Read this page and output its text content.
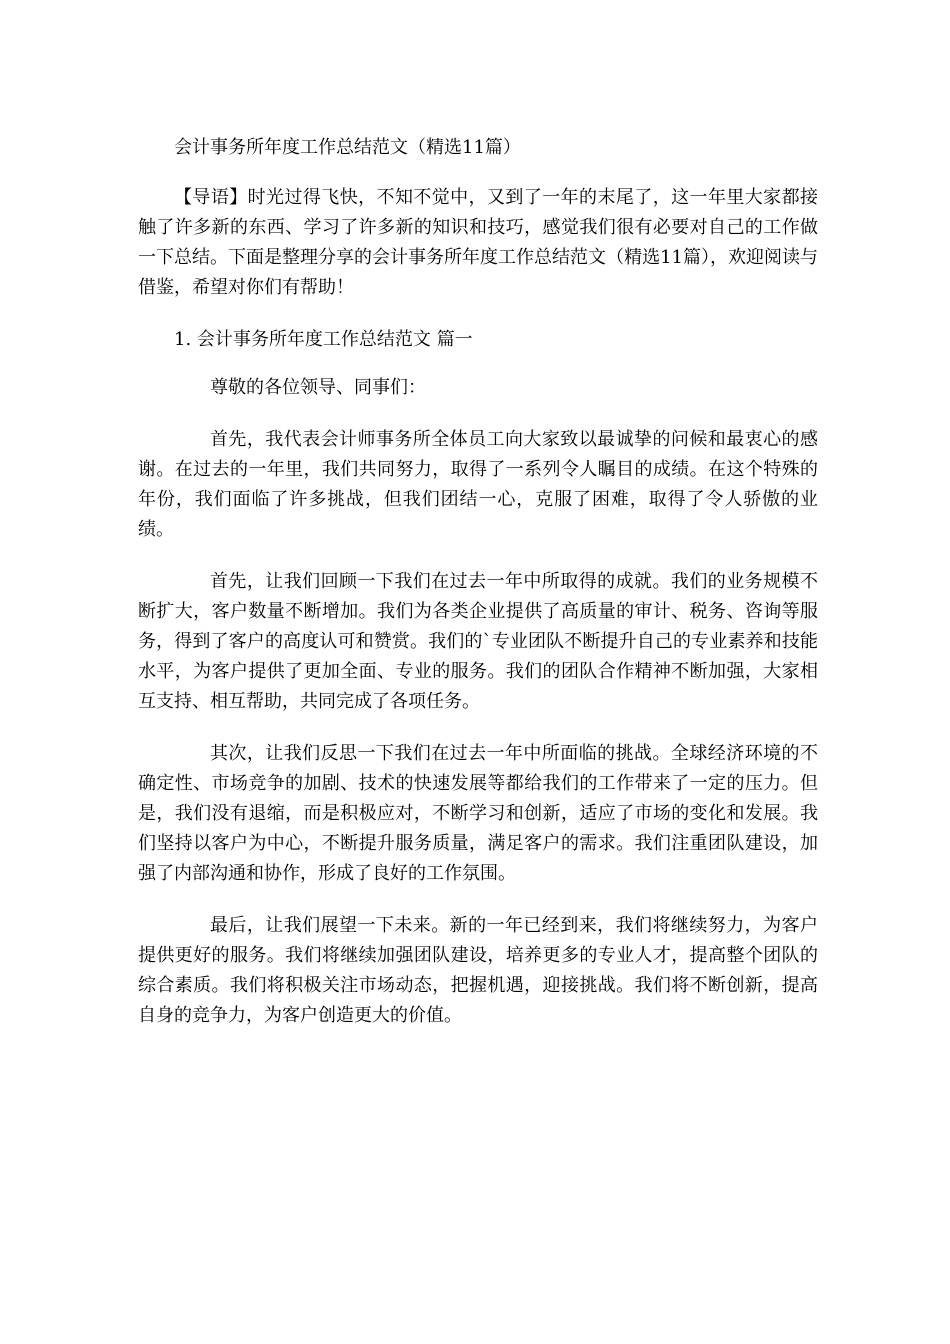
会计事务所年度工作总结范文（精选11篇）
【导语】时光过得飞快，不知不觉中，又到了一年的末尾了，这一年里大家都接触了许多新的东西、学习了许多新的知识和技巧，感觉我们很有必要对自己的工作做一下总结。下面是整理分享的会计事务所年度工作总结范文（精选11篇），欢迎阅读与借鉴，希望对你们有帮助！
1. 会计事务所年度工作总结范文 篇一
尊敬的各位领导、同事们：
首先，我代表会计师事务所全体员工向大家致以最诚挚的问候和最衷心的感谢。在过去的一年里，我们共同努力，取得了一系列令人瞩目的成绩。在这个特殊的年份，我们面临了许多挑战，但我们团结一心，克服了困难，取得了令人骄傲的业绩。
首先，让我们回顾一下我们在过去一年中所取得的成就。我们的业务规模不断扩大，客户数量不断增加。我们为各类企业提供了高质量的审计、税务、咨询等服务，得到了客户的高度认可和赞赏。我们的`专业团队不断提升自己的专业素养和技能水平，为客户提供了更加全面、专业的服务。我们的团队合作精神不断加强，大家相互支持、相互帮助，共同完成了各项任务。
其次，让我们反思一下我们在过去一年中所面临的挑战。全球经济环境的不确定性、市场竞争的加剧、技术的快速发展等都给我们的工作带来了一定的压力。但是，我们没有退缩，而是积极应对，不断学习和创新，适应了市场的变化和发展。我们坚持以客户为中心，不断提升服务质量，满足客户的需求。我们注重团队建设，加强了内部沟通和协作，形成了良好的工作氛围。
最后，让我们展望一下未来。新的一年已经到来，我们将继续努力，为客户提供更好的服务。我们将继续加强团队建设，培养更多的专业人才，提高整个团队的综合素质。我们将积极关注市场动态，把握机遇，迎接挑战。我们将不断创新，提高自身的竞争力，为客户创造更大的价值。
